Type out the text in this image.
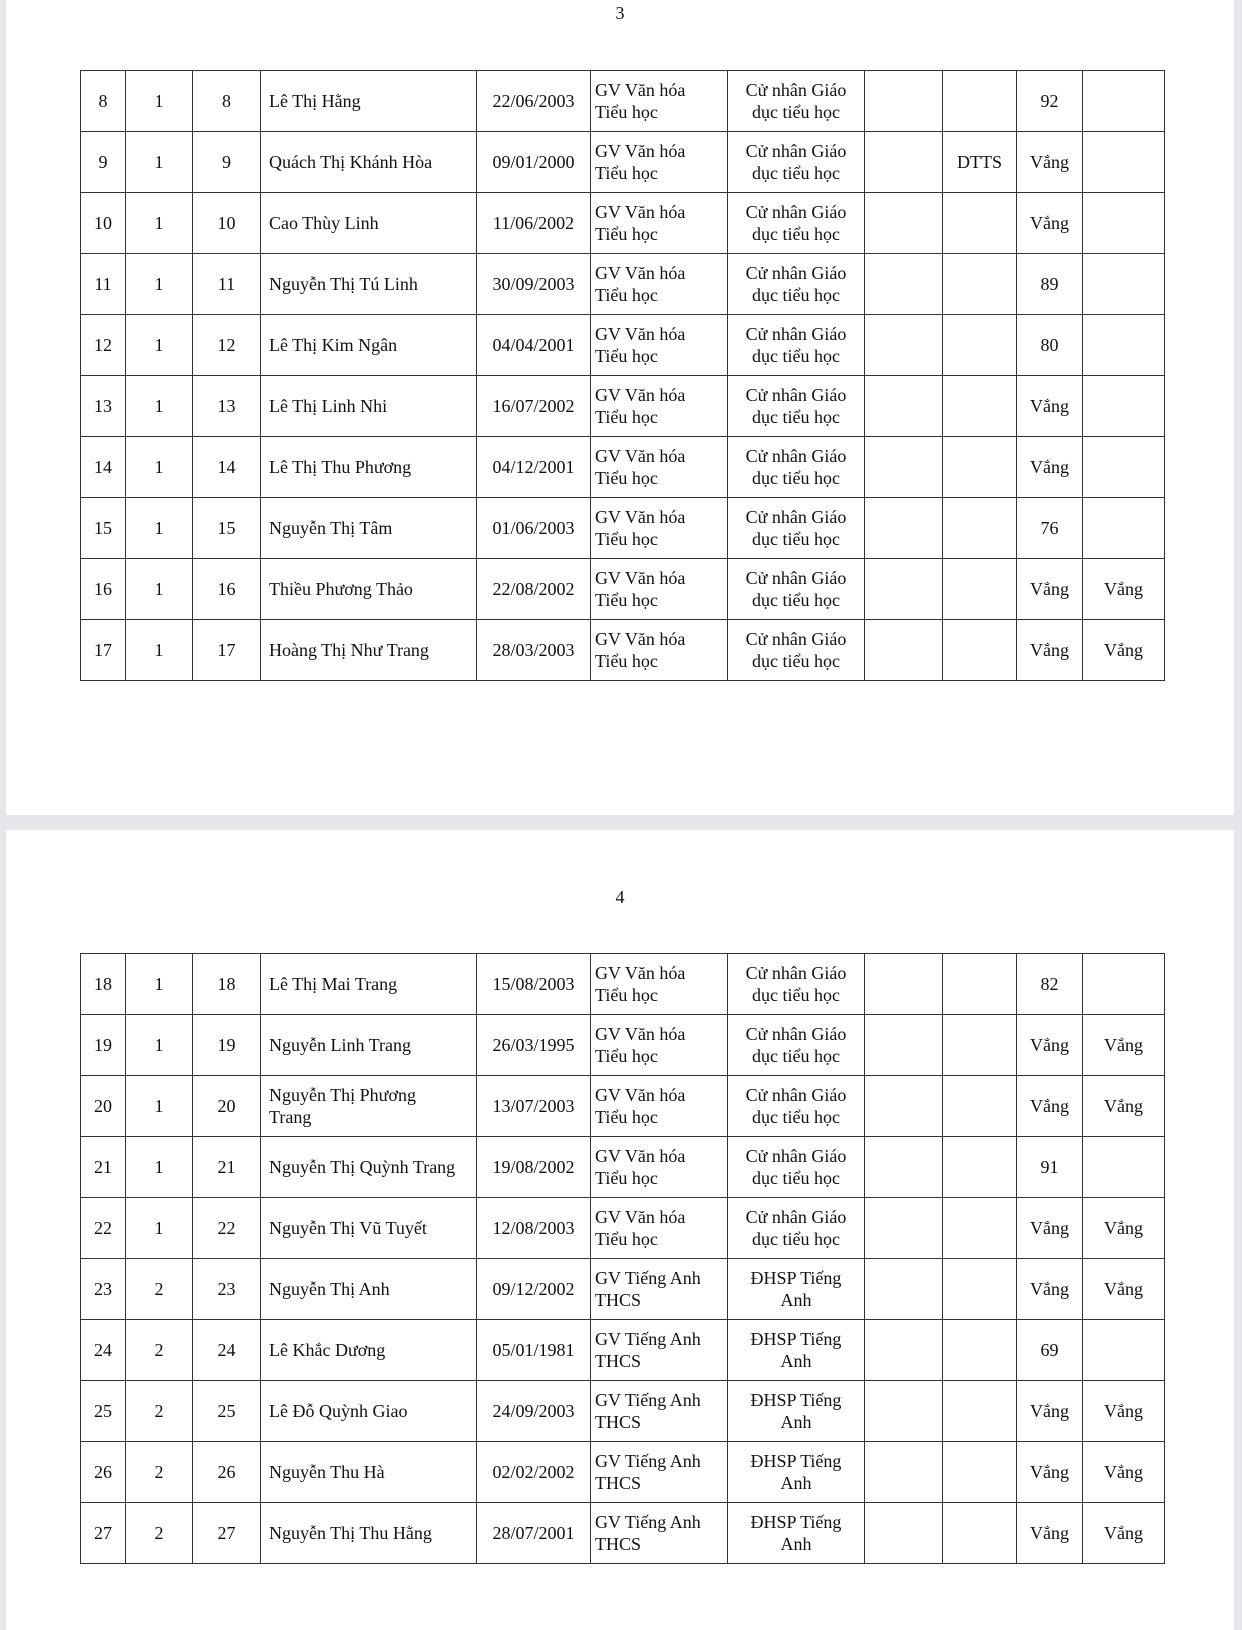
3
8	1	8	Lê Thị Hằng	22/06/2003	GV Văn hóa
Tiểu học	Cử nhân Giáo
dục tiểu học			92	
9	1	9	Quách Thị Khánh Hòa	09/01/2000	GV Văn hóa
Tiểu học	Cử nhân Giáo
dục tiểu học		DTTS	Vắng	
10	1	10	Cao Thùy Linh	11/06/2002	GV Văn hóa
Tiểu học	Cử nhân Giáo
dục tiểu học			Vắng	
11	1	11	Nguyễn Thị Tú Linh	30/09/2003	GV Văn hóa
Tiểu học	Cử nhân Giáo
dục tiểu học			89	
12	1	12	Lê Thị Kim Ngân	04/04/2001	GV Văn hóa
Tiểu học	Cử nhân Giáo
dục tiểu học			80	
13	1	13	Lê Thị Linh Nhi	16/07/2002	GV Văn hóa
Tiểu học	Cử nhân Giáo
dục tiểu học			Vắng	
14	1	14	Lê Thị Thu Phương	04/12/2001	GV Văn hóa
Tiểu học	Cử nhân Giáo
dục tiểu học			Vắng	
15	1	15	Nguyễn Thị Tâm	01/06/2003	GV Văn hóa
Tiểu học	Cử nhân Giáo
dục tiểu học			76	
16	1	16	Thiều Phương Thảo	22/08/2002	GV Văn hóa
Tiểu học	Cử nhân Giáo
dục tiểu học			Vắng	Vắng
17	1	17	Hoàng Thị Như Trang	28/03/2003	GV Văn hóa
Tiểu học	Cử nhân Giáo
dục tiểu học			Vắng	Vắng
4
18	1	18	Lê Thị Mai Trang	15/08/2003	GV Văn hóa
Tiểu học	Cử nhân Giáo
dục tiểu học			82	
19	1	19	Nguyễn Linh Trang	26/03/1995	GV Văn hóa
Tiểu học	Cử nhân Giáo
dục tiểu học			Vắng	Vắng
20	1	20	Nguyễn Thị Phương
Trang	13/07/2003	GV Văn hóa
Tiểu học	Cử nhân Giáo
dục tiểu học			Vắng	Vắng
21	1	21	Nguyễn Thị Quỳnh Trang	19/08/2002	GV Văn hóa
Tiểu học	Cử nhân Giáo
dục tiểu học			91	
22	1	22	Nguyễn Thị Vũ Tuyết	12/08/2003	GV Văn hóa
Tiểu học	Cử nhân Giáo
dục tiểu học			Vắng	Vắng
23	2	23	Nguyễn Thị Anh	09/12/2002	GV Tiếng Anh
THCS	ĐHSP Tiếng
Anh			Vắng	Vắng
24	2	24	Lê Khắc Dương	05/01/1981	GV Tiếng Anh
THCS	ĐHSP Tiếng
Anh			69	
25	2	25	Lê Đỗ Quỳnh Giao	24/09/2003	GV Tiếng Anh
THCS	ĐHSP Tiếng
Anh			Vắng	Vắng
26	2	26	Nguyễn Thu Hà	02/02/2002	GV Tiếng Anh
THCS	ĐHSP Tiếng
Anh			Vắng	Vắng
27	2	27	Nguyễn Thị Thu Hằng	28/07/2001	GV Tiếng Anh
THCS	ĐHSP Tiếng
Anh			Vắng	Vắng
